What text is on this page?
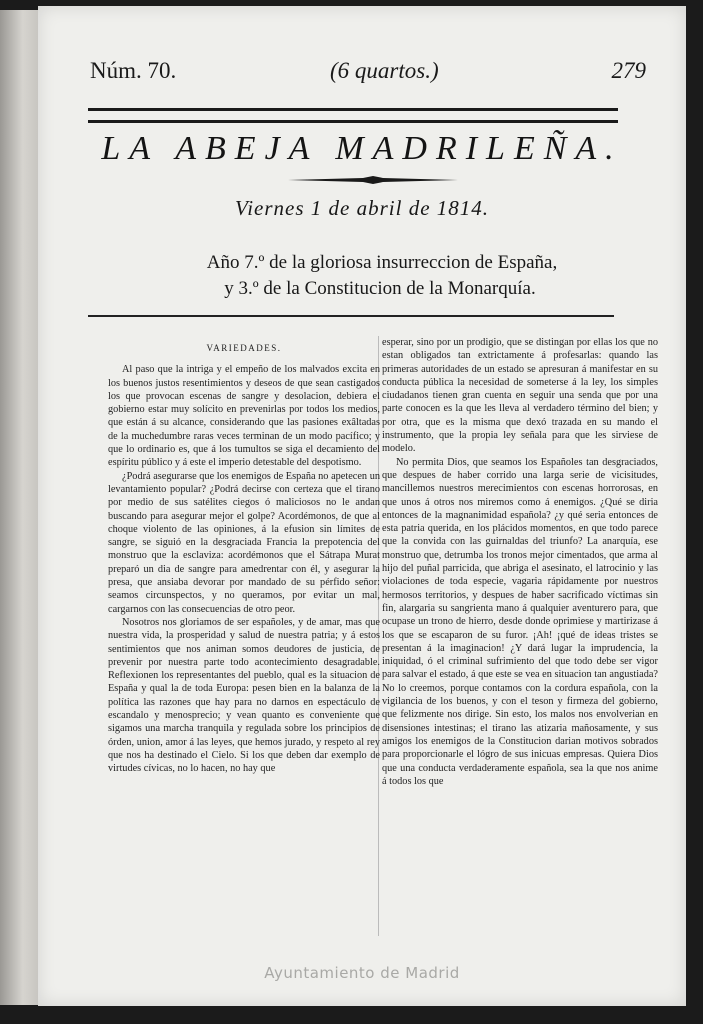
Núm. 70.	(6 quartos.)	279
LA ABEJA MADRILEÑA.
Viernes 1 de abril de 1814.
Año 7.º de la gloriosa insurreccion de España,
y 3.º de la Constitucion de la Monarquía.
VARIEDADES.

Al paso que la intriga y el empeño de los malvados excita en los buenos justos resentimientos y deseos de que sean castigados los que provocan escenas de sangre y desolacion, debiera el gobierno estar muy solícito en prevenirlas por todos los medios, que están á su alcance, considerando que las pasiones exâltadas de la muchedumbre raras veces terminan de un modo pacífico; y que lo ordinario es, que á los tumultos se siga el decamiento del espíritu público y á este el imperio detestable del despotismo.

¿Podrá asegurarse que los enemigos de España no apetecen un levantamiento popular? ¿Podrá decirse con certeza que el tirano por medio de sus satélites ciegos ó maliciosos no le andan buscando para asegurar mejor el golpe? Acordémonos, de que al choque violento de las opiniones, á la efusion sin límites de sangre, se siguió en la desgraciada Francia la prepotencia del monstruo que la esclaviza: acordémonos que el Sátrapa Murat preparó un dia de sangre para amedrentar con él, y asegurar la presa, que ansiaba devorar por mandado de su pérfido señor: seamos circunspectos, y no queramos, por evitar un mal, cargarnos con las consecuencias de otro peor.

Nosotros nos gloriamos de ser españoles, y de amar, mas que nuestra vida, la prosperidad y salud de nuestra patria; y á estos sentimientos que nos animan somos deudores de justicia, de prevenir por nuestra parte todo acontecimiento desagradable. Reflexionen los representantes del pueblo, qual es la situacion de España y qual la de toda Europa: pesen bien en la balanza de la política las razones que hay para no darnos en espectáculo de escandalo y menosprecio; y vean quanto es conveniente que sigamos una marcha tranquila y regulada sobre los principios de órden, union, amor á las leyes, que hemos jurado, y respeto al rey que nos ha destinado el Cielo. Si los que deben dar exemplo de virtudes cívicas, no lo hacen, no hay que

esperar, sino por un prodigio, que se distingan por ellas los que no estan obligados tan extrictamente á profesarlas: quando las primeras autoridades de un estado se apresuran á manifestar en su conducta pública la necesidad de someterse á la ley, los simples ciudadanos tienen gran cuenta en seguir una senda que por una parte conocen es la que les lleva al verdadero término del bien; y por otra, que es la misma que dexó trazada en su mando el instrumento, que la propia ley señala para que les sirviese de modelo.

No permita Dios, que seamos los Españoles tan desgraciados, que despues de haber corrido una larga serie de vicisitudes, mancillemos nuestros merecimientos con escenas horrorosas, en que unos á otros nos miremos como á enemigos. ¿Qué se diria entonces de la magnanimidad española? ¿y qué seria entonces de esta patria querida, en los plácidos momentos, en que todo parece que la convida con las guirnaldas del triunfo? La anarquía, ese monstruo que, detrumba los tronos mejor cimentados, que arma al hijo del puñal parricida, que abriga el asesinato, el latrocinio y las violaciones de toda especie, vagaria rápidamente por nuestros hermosos territorios, y despues de haber sacrificado víctimas sin fin, alargaria su sangrienta mano á qualquier aventurero para, que ocupase un trono de hierro, desde donde oprimiese y martirizase á los que se escaparon de su furor. ¡Ah! ¡qué de ideas tristes se presentan á la imaginacion! ¿Y dará lugar la imprudencia, la iniquidad, ó el criminal sufrimiento del que todo debe ser vigor para salvar el estado, á que este se vea en situacion tan angustiada? No lo creemos, porque contamos con la cordura española, con la vigilancia de los buenos, y con el teson y firmeza del gobierno, que felizmente nos dirige. Sin esto, los malos nos envolverian en disensiones intestinas; el tirano las atizaria mañosamente, y sus amigos los enemigos de la Constitucion darian motivos sobrados para proporcionarle el lógro de sus inicuas empresas. Quiera Dios que una conducta verdaderamente española, sea la que nos anime á todos los que

Ayuntamiento de Madrid
